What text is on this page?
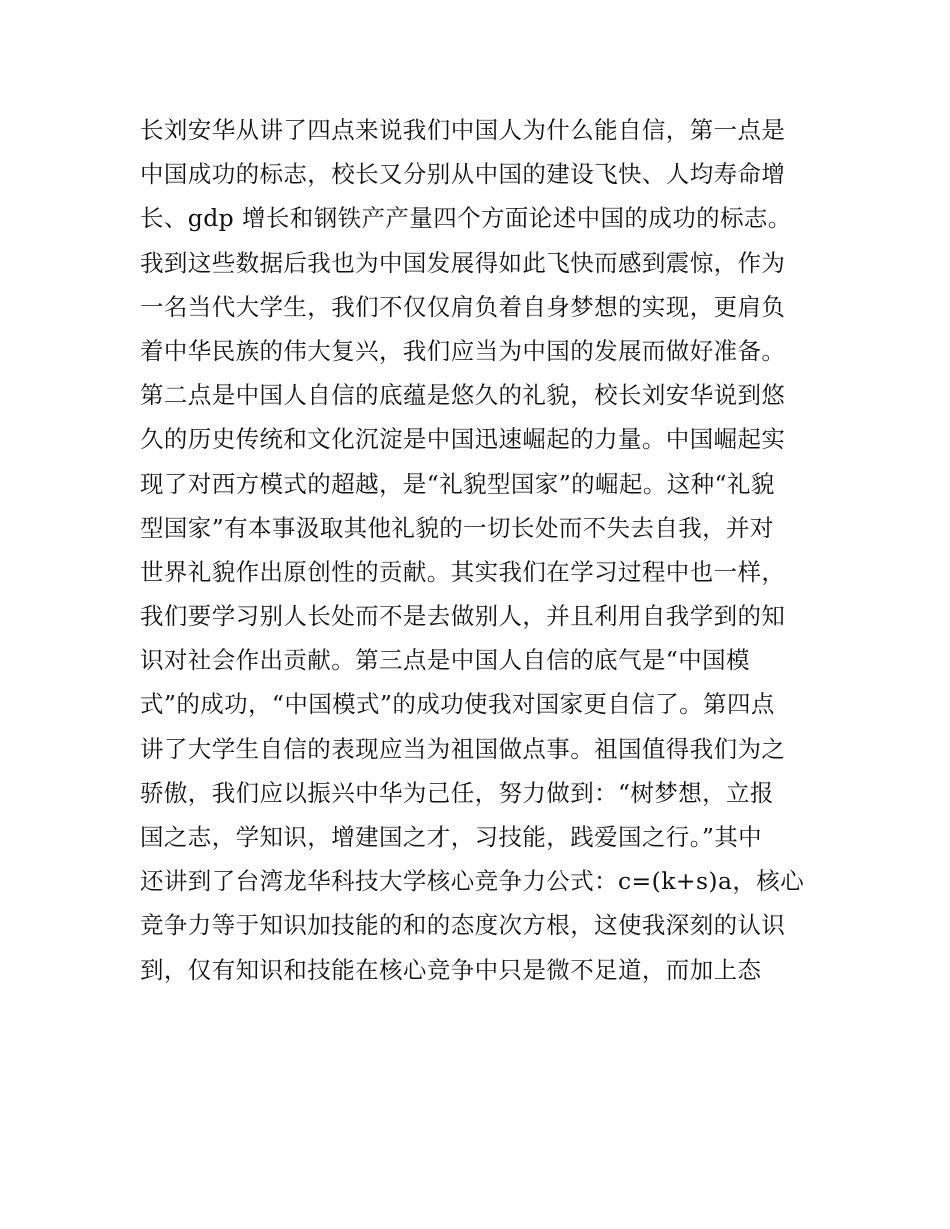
长刘安华从讲了四点来说我们中国人为什么能自信，第一点是
中国成功的标志，校长又分别从中国的建设飞快、人均寿命增
长、gdp 增长和钢铁产产量四个方面论述中国的成功的标志。
我到这些数据后我也为中国发展得如此飞快而感到震惊，作为
一名当代大学生，我们不仅仅肩负着自身梦想的实现，更肩负
着中华民族的伟大复兴，我们应当为中国的发展而做好准备。
第二点是中国人自信的底蕴是悠久的礼貌，校长刘安华说到悠
久的历史传统和文化沉淀是中国迅速崛起的力量。中国崛起实
现了对西方模式的超越，是“礼貌型国家”的崛起。这种“礼貌
型国家”有本事汲取其他礼貌的一切长处而不失去自我，并对
世界礼貌作出原创性的贡献。其实我们在学习过程中也一样，
我们要学习别人长处而不是去做别人，并且利用自我学到的知
识对社会作出贡献。第三点是中国人自信的底气是“中国模
式”的成功，“中国模式”的成功使我对国家更自信了。第四点
讲了大学生自信的表现应当为祖国做点事。祖国值得我们为之
骄傲，我们应以振兴中华为己任，努力做到：“树梦想，立报
国之志，学知识，增建国之才，习技能，践爱国之行。”其中
还讲到了台湾龙华科技大学核心竞争力公式：c=(k+s)a，核心
竞争力等于知识加技能的和的态度次方根，这使我深刻的认识
到，仅有知识和技能在核心竞争中只是微不足道，而加上态
